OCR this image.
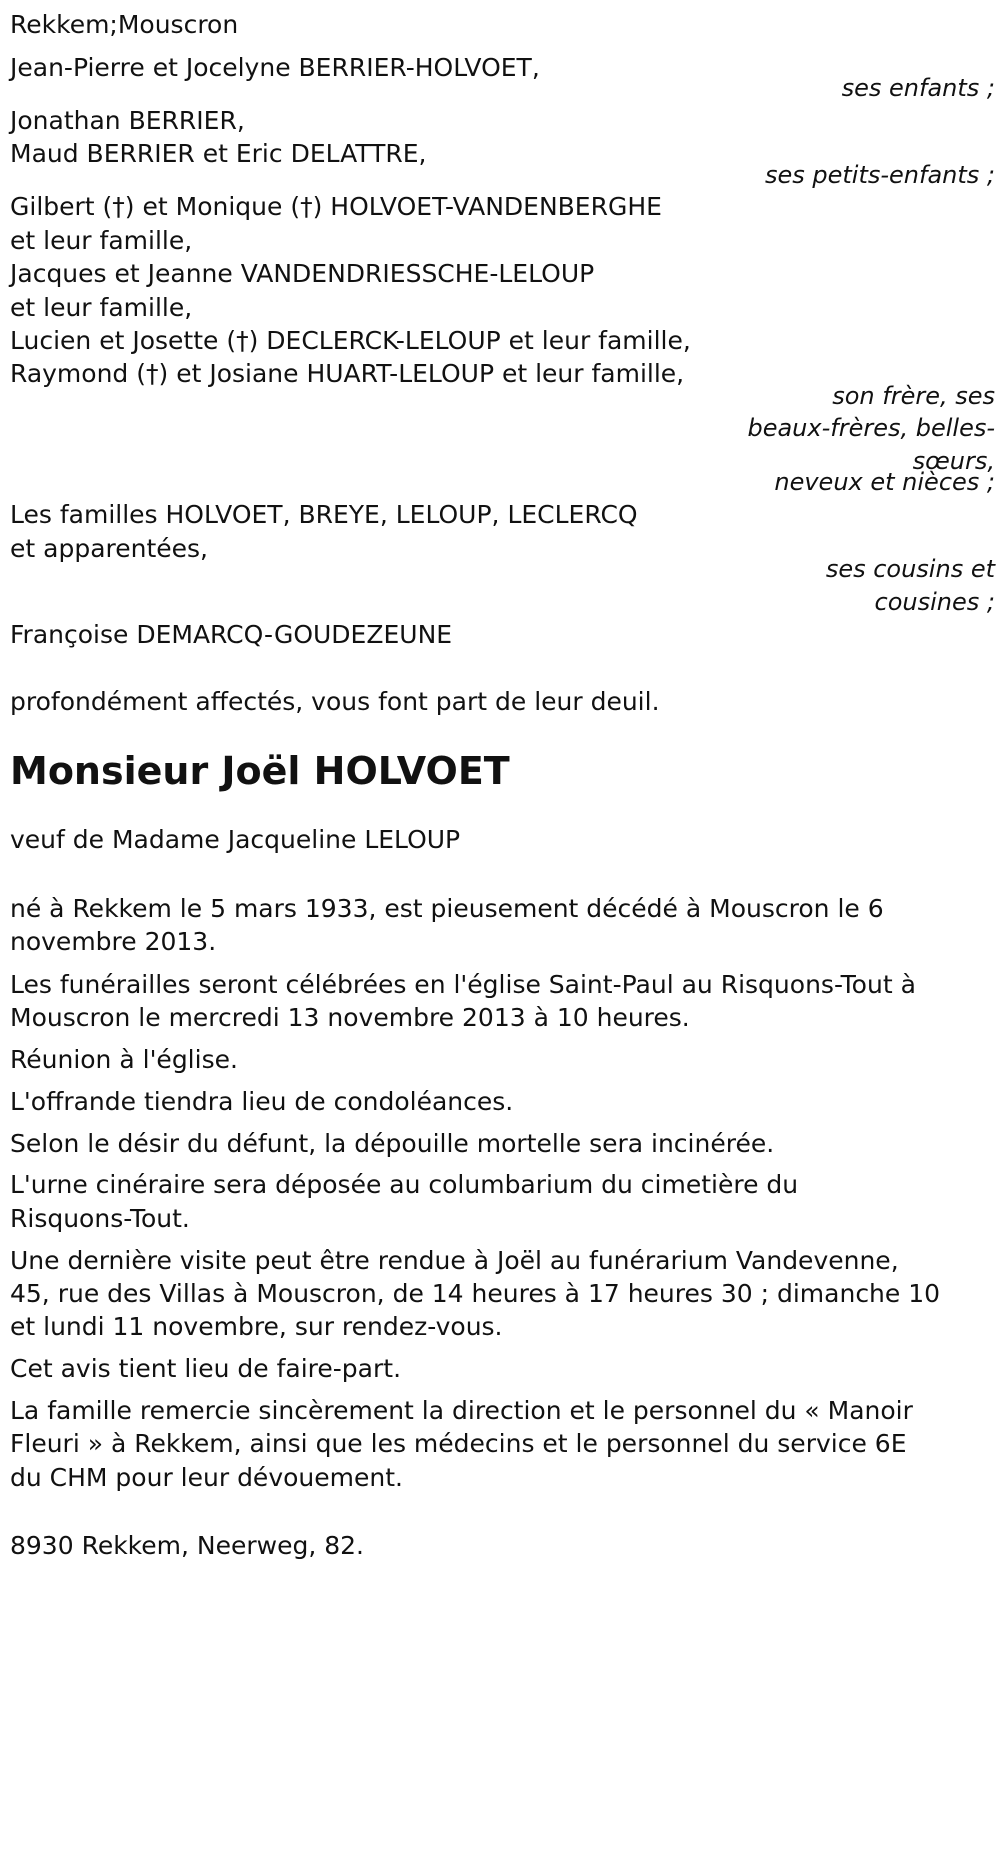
Rekkem;Mouscron
Jean-Pierre et Jocelyne BERRIER-HOLVOET,
ses enfants ;
Jonathan BERRIER,
Maud BERRIER et Eric DELATTRE,
ses petits-enfants ;
Gilbert (†) et Monique (†) HOLVOET-VANDENBERGHE
et leur famille,
Jacques et Jeanne VANDENDRIESSCHE-LELOUP
et leur famille,
Lucien et Josette (†) DECLERCK-LELOUP et leur famille,
Raymond (†) et Josiane HUART-LELOUP et leur famille,
son frère, ses
beaux-frères, belles-
sœurs,
neveux et nièces ;
Les familles HOLVOET, BREYE, LELOUP, LECLERCQ
et apparentées,
ses cousins et
cousines ;
Françoise DEMARCQ-GOUDEZEUNE
profondément affectés, vous font part de leur deuil.
Monsieur Joël HOLVOET
veuf de Madame Jacqueline LELOUP
né à Rekkem le 5 mars 1933, est pieusement décédé à Mouscron le 6
novembre 2013.
Les funérailles seront célébrées en l'église Saint-Paul au Risquons-Tout à
Mouscron le mercredi 13 novembre 2013 à 10 heures.
Réunion à l'église.
L'offrande tiendra lieu de condoléances.
Selon le désir du défunt, la dépouille mortelle sera incinérée.
L'urne cinéraire sera déposée au columbarium du cimetière du
Risquons-Tout.
Une dernière visite peut être rendue à Joël au funérarium Vandevenne,
45, rue des Villas à Mouscron, de 14 heures à 17 heures 30 ; dimanche 10
et lundi 11 novembre, sur rendez-vous.
Cet avis tient lieu de faire-part.
La famille remercie sincèrement la direction et le personnel du « Manoir
Fleuri » à Rekkem, ainsi que les médecins et le personnel du service 6E
du CHM pour leur dévouement.
8930 Rekkem, Neerweg, 82.
